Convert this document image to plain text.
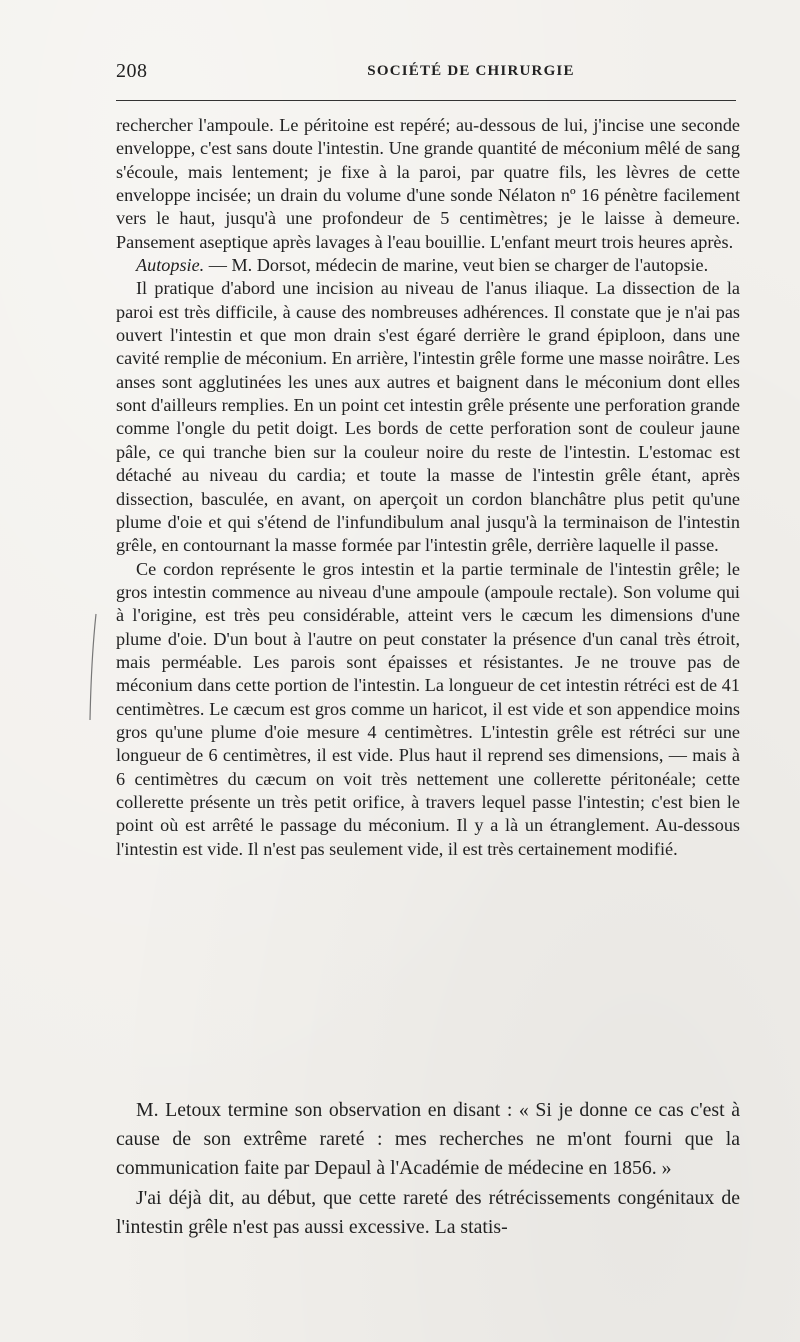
208	SOCIÉTÉ DE CHIRURGIE

rechercher l'ampoule. Le péritoine est repéré; au-dessous de lui, j'incise une seconde enveloppe, c'est sans doute l'intestin. Une grande quantité de méconium mêlé de sang s'écoule, mais lentement; je fixe à la paroi, par quatre fils, les lèvres de cette enveloppe incisée; un drain du volume d'une sonde Nélaton nº 16 pénètre facilement vers le haut, jusqu'à une profondeur de 5 centimètres; je le laisse à demeure. Pansement aseptique après lavages à l'eau bouillie. L'enfant meurt trois heures après.

Autopsie. — M. Dorsot, médecin de marine, veut bien se charger de l'autopsie.

Il pratique d'abord une incision au niveau de l'anus iliaque. La dissection de la paroi est très difficile, à cause des nombreuses adhérences. Il constate que je n'ai pas ouvert l'intestin et que mon drain s'est égaré derrière le grand épiploon, dans une cavité remplie de méconium. En arrière, l'intestin grêle forme une masse noirâtre. Les anses sont agglutinées les unes aux autres et baignent dans le méconium dont elles sont d'ailleurs remplies. En un point cet intestin grêle présente une perforation grande comme l'ongle du petit doigt. Les bords de cette perforation sont de couleur jaune pâle, ce qui tranche bien sur la couleur noire du reste de l'intestin. L'estomac est détaché au niveau du cardia; et toute la masse de l'intestin grêle étant, après dissection, basculée, en avant, on aperçoit un cordon blanchâtre plus petit qu'une plume d'oie et qui s'étend de l'infundibulum anal jusqu'à la terminaison de l'intestin grêle, en contournant la masse formée par l'intestin grêle, derrière laquelle il passe.

Ce cordon représente le gros intestin et la partie terminale de l'intestin grêle; le gros intestin commence au niveau d'une ampoule (ampoule rectale). Son volume qui à l'origine, est très peu considérable, atteint vers le cæcum les dimensions d'une plume d'oie. D'un bout à l'autre on peut constater la présence d'un canal très étroit, mais perméable. Les parois sont épaisses et résistantes. Je ne trouve pas de méconium dans cette portion de l'intestin. La longueur de cet intestin rétréci est de 41 centimètres. Le cæcum est gros comme un haricot, il est vide et son appendice moins gros qu'une plume d'oie mesure 4 centimètres. L'intestin grêle est rétréci sur une longueur de 6 centimètres, il est vide. Plus haut il reprend ses dimensions, — mais à 6 centimètres du cæcum on voit très nettement une collerette péritonéale; cette collerette présente un très petit orifice, à travers lequel passe l'intestin; c'est bien le point où est arrêté le passage du méconium. Il y a là un étranglement. Au-dessous l'intestin est vide. Il n'est pas seulement vide, il est très certainement modifié.

M. Letoux termine son observation en disant : « Si je donne ce cas c'est à cause de son extrême rareté : mes recherches ne m'ont fourni que la communication faite par Depaul à l'Académie de médecine en 1856. »

J'ai déjà dit, au début, que cette rareté des rétrécissements congénitaux de l'intestin grêle n'est pas aussi excessive. La statis-
